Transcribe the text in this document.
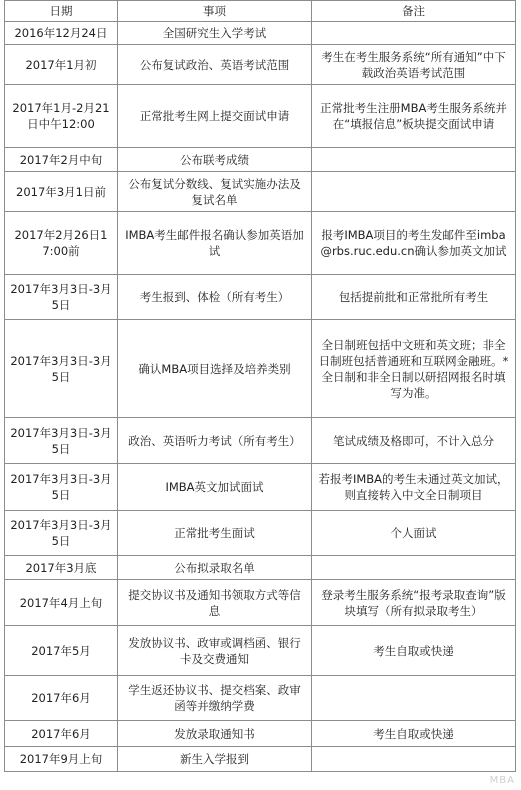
日期	事项	备注
2016年12月24日	全国研究生入学考试	
2017年1月初	公布复试政治、英语考试范围	考生在考生服务系统“所有通知”中下载政治英语考试范围
2017年1月-2月21日中午12:00	正常批考生网上提交面试申请	正常批考生注册MBA考生服务系统并在“填报信息”板块提交面试申请
2017年2月中旬	公布联考成绩	
2017年3月1日前	公布复试分数线、复试实施办法及复试名单	
2017年2月26日17:00前	IMBA考生邮件报名确认参加英语加试	报考IMBA项目的考生发邮件至imba@rbs.ruc.edu.cn确认参加英文加试
2017年3月3日-3月5日	考生报到、体检（所有考生）	包括提前批和正常批所有考生
2017年3月3日-3月5日	确认MBA项目选择及培养类别	全日制班包括中文班和英文班；非全日制班包括普通班和互联网金融班。* 全日制和非全日制以研招网报名时填写为准。
2017年3月3日-3月5日	政治、英语听力考试（所有考生）	笔试成绩及格即可，不计入总分
2017年3月3日-3月5日	IMBA英文加试面试	若报考IMBA的考生未通过英文加试，则直接转入中文全日制项目
2017年3月3日-3月5日	正常批考生面试	个人面试
2017年3月底	公布拟录取名单	
2017年4月上旬	提交协议书及通知书领取方式等信息	登录考生服务系统“报考录取查询”版块填写（所有拟录取考生）
2017年5月	发放协议书、政审或调档函、银行卡及交费通知	考生自取或快递
2017年6月	学生返还协议书、提交档案、政审函等并缴纳学费	
2017年6月	发放录取通知书	考生自取或快递
2017年9月上旬	新生入学报到	
MBA
